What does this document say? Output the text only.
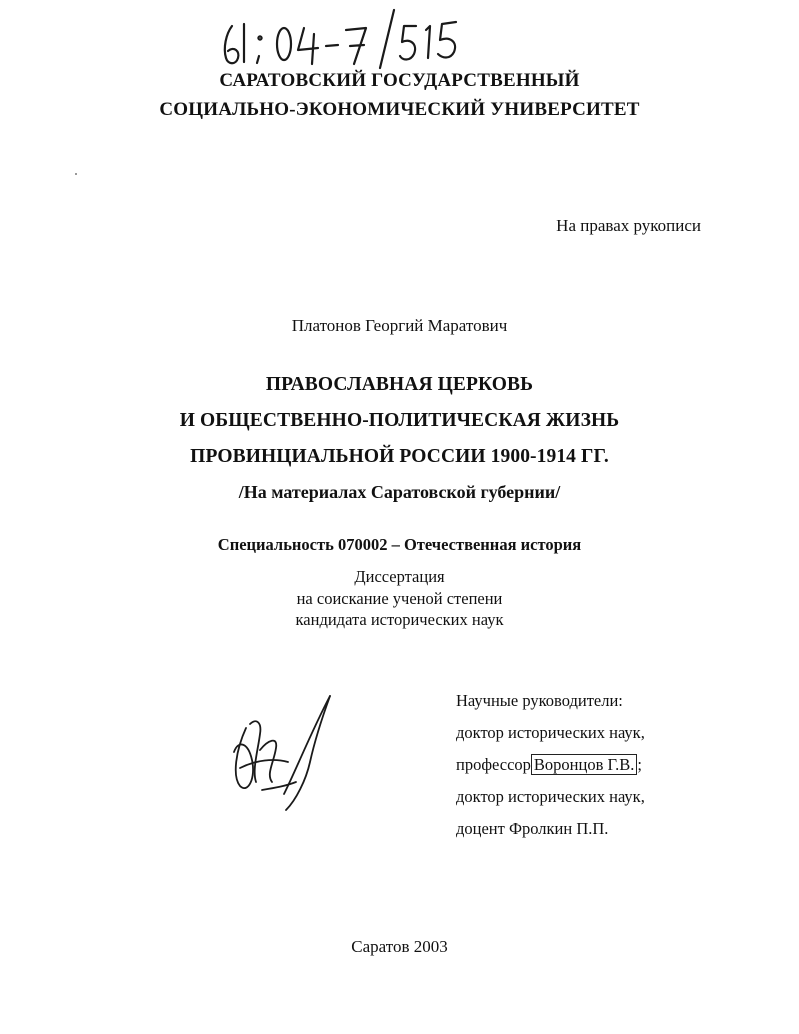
САРАТОВСКИЙ ГОСУДАРСТВЕННЫЙ
СОЦИАЛЬНО-ЭКОНОМИЧЕСКИЙ УНИВЕРСИТЕТ
На правах рукописи
Платонов Георгий Маратович
ПРАВОСЛАВНАЯ ЦЕРКОВЬ
И ОБЩЕСТВЕННО-ПОЛИТИЧЕСКАЯ ЖИЗНЬ
ПРОВИНЦИАЛЬНОЙ РОССИИ 1900-1914 ГГ.
/На материалах Саратовской губернии/
Специальность 070002 – Отечественная история
Диссертация
на соискание ученой степени
кандидата исторических наук
Научные руководители:
доктор исторических наук,
профессор Воронцов Г.В. ;
доктор исторических наук,
доцент Фролкин П.П.
Саратов 2003
